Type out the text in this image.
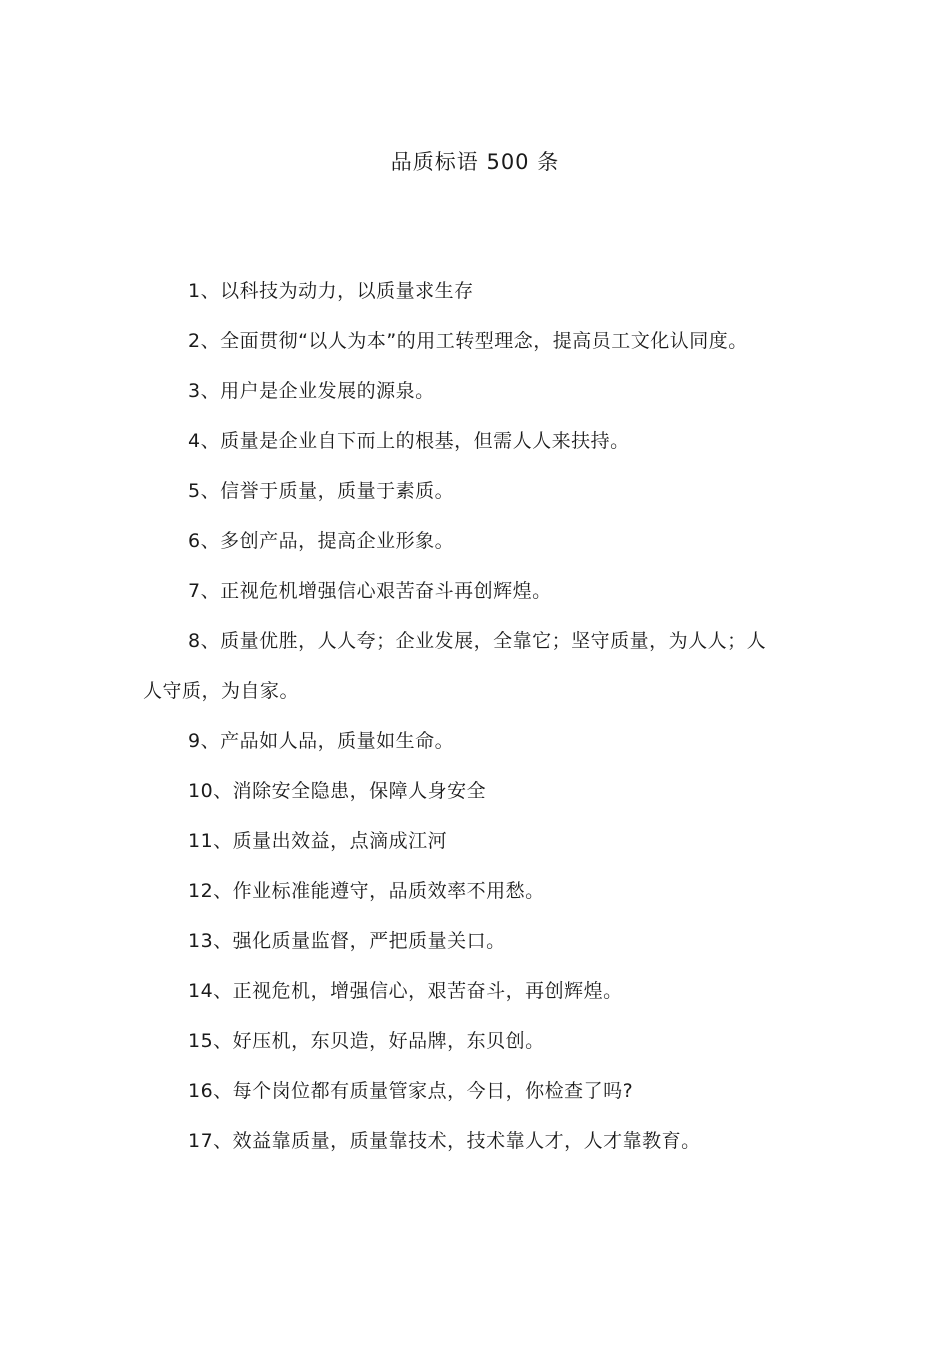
品质标语 500 条
1、以科技为动力，以质量求生存
2、全面贯彻“以人为本”的用工转型理念，提高员工文化认同度。
3、用户是企业发展的源泉。
4、质量是企业自下而上的根基，但需人人来扶持。
5、信誉于质量，质量于素质。
6、多创产品，提高企业形象。
7、正视危机增强信心艰苦奋斗再创辉煌。
8、质量优胜，人人夸；企业发展，全靠它；坚守质量，为人人；人人守质，为自家。
9、产品如人品，质量如生命。
10、消除安全隐患，保障人身安全
11、质量出效益，点滴成江河
12、作业标准能遵守，品质效率不用愁。
13、强化质量监督，严把质量关口。
14、正视危机，增强信心，艰苦奋斗，再创辉煌。
15、好压机，东贝造，好品牌，东贝创。
16、每个岗位都有质量管家点，今日，你检查了吗?
17、效益靠质量，质量靠技术，技术靠人才，人才靠教育。
